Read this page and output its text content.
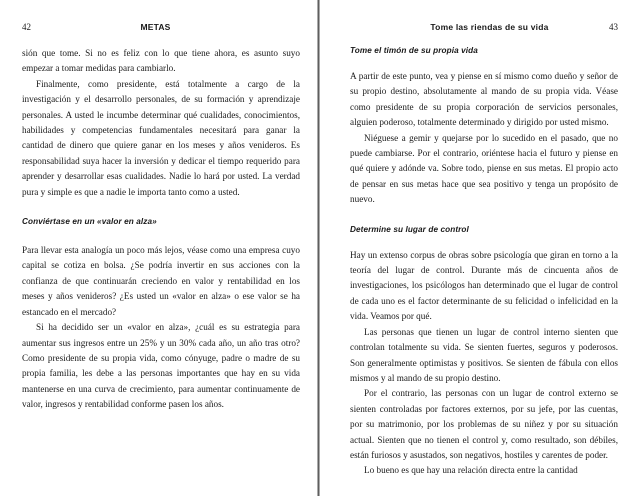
42	METAS

sión que tome. Si no es feliz con lo que tiene ahora, es asunto suyo empezar a tomar medidas para cambiarlo.

Finalmente, como presidente, está totalmente a cargo de la investigación y el desarrollo personales, de su formación y aprendizaje personales. A usted le incumbe determinar qué cualidades, conocimientos, habilidades y competencias fundamentales necesitará para ganar la cantidad de dinero que quiere ganar en los meses y años venideros. Es responsabilidad suya hacer la inversión y dedicar el tiempo requerido para aprender y desarrollar esas cualidades. Nadie lo hará por usted. La verdad pura y simple es que a nadie le importa tanto como a usted.

Conviértase en un «valor en alza»

Para llevar esta analogía un poco más lejos, véase como una empresa cuyo capital se cotiza en bolsa. ¿Se podría invertir en sus acciones con la confianza de que continuarán creciendo en valor y rentabilidad en los meses y años venideros? ¿Es usted un «valor en alza» o ese valor se ha estancado en el mercado?

Si ha decidido ser un «valor en alza», ¿cuál es su estrategia para aumentar sus ingresos entre un 25% y un 30% cada año, un año tras otro? Como presidente de su propia vida, como cónyuge, padre o madre de su propia familia, les debe a las personas importantes que hay en su vida mantenerse en una curva de crecimiento, para aumentar continuamente de valor, ingresos y rentabilidad conforme pasen los años.

Tome las riendas de su vida	43
Tome el timón de su propia vida

A partir de este punto, vea y piense en sí mismo como dueño y señor de su propio destino, absolutamente al mando de su propia vida. Véase como presidente de su propia corporación de servicios personales, alguien poderoso, totalmente determinado y dirigido por usted mismo.

Niéguese a gemir y quejarse por lo sucedido en el pasado, que no puede cambiarse. Por el contrario, oriéntese hacia el futuro y piense en qué quiere y adónde va. Sobre todo, piense en sus metas. El propio acto de pensar en sus metas hace que sea positivo y tenga un propósito de nuevo.

Determine su lugar de control

Hay un extenso corpus de obras sobre psicología que giran en torno a la teoría del lugar de control. Durante más de cincuenta años de investigaciones, los psicólogos han determinado que el lugar de control de cada uno es el factor determinante de su felicidad o infelicidad en la vida. Veamos por qué.

Las personas que tienen un lugar de control interno sienten que controlan totalmente su vida. Se sienten fuertes, seguros y poderosos. Son generalmente optimistas y positivos. Se sienten de fábula con ellos mismos y al mando de su propio destino.

Por el contrario, las personas con un lugar de control externo se sienten controladas por factores externos, por su jefe, por las cuentas, por su matrimonio, por los problemas de su niñez y por su situación actual. Sienten que no tienen el control y, como resultado, son débiles, están furiosos y asustados, son negativos, hostiles y carentes de poder.

Lo bueno es que hay una relación directa entre la cantidad
